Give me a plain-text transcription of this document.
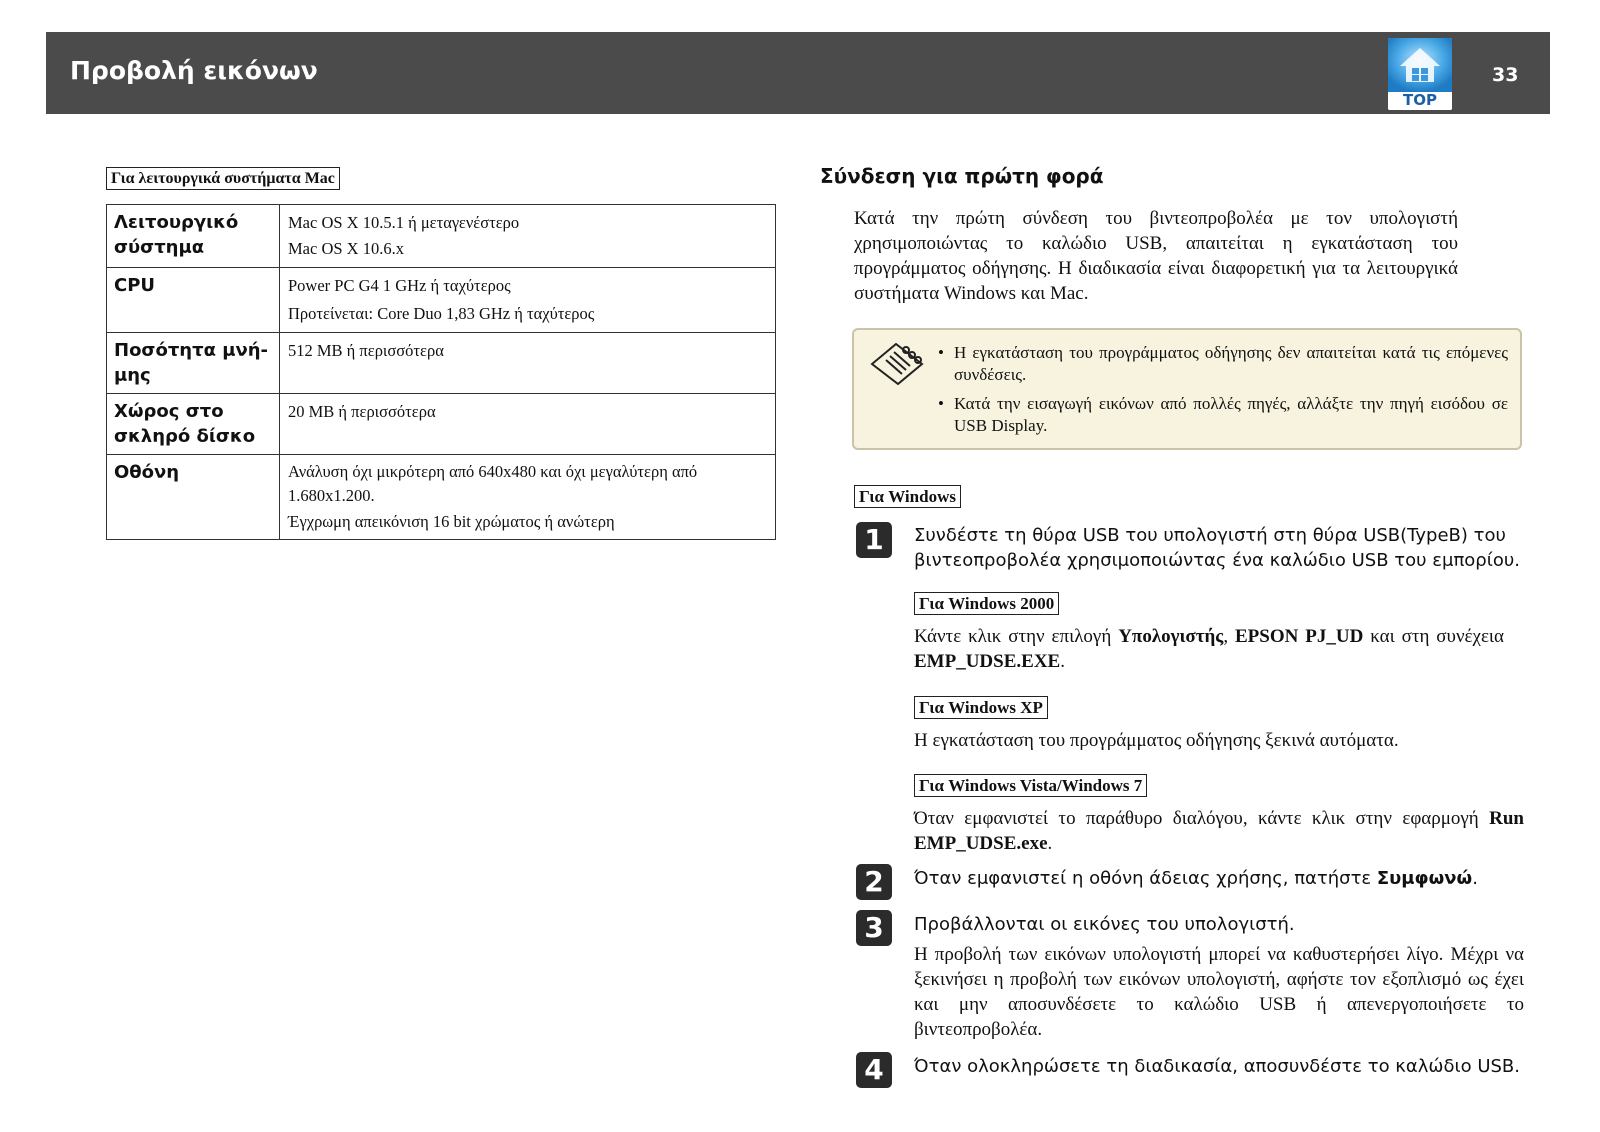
Προβολή εικόνων
TOP
33
Για λειτουργικά συστήματα Mac
Λειτουργικό σύστημα	Mac OS X 10.5.1 ή μεταγενέστερο
Mac OS X 10.6.x

CPU	Power PC G4 1 GHz ή ταχύτερος
Προτείνεται: Core Duo 1,83 GHz ή ταχύτερος

Ποσότητα μνή-μης	512 MB ή περισσότερα

Χώρος στο σκληρό δίσκο	20 MB ή περισσότερα

Οθόνη	Ανάλυση όχι μικρότερη από 640x480 και όχι μεγαλύτερη από 1.680x1.200.
Έγχρωμη απεικόνιση 16 bit χρώματος ή ανώτερη
Σύνδεση για πρώτη φορά
Κατά την πρώτη σύνδεση του βιντεοπροβολέα με τον υπολογιστή χρησιμοποιώντας το καλώδιο USB, απαιτείται η εγκατάσταση του προγράμματος οδήγησης. Η διαδικασία είναι διαφορετική για τα λειτουργικά συστήματα Windows και Mac.
• Η εγκατάσταση του προγράμματος οδήγησης δεν απαιτείται κατά τις επόμενες συνδέσεις.
• Κατά την εισαγωγή εικόνων από πολλές πηγές, αλλάξτε την πηγή εισόδου σε USB Display.
Για Windows
1	Συνδέστε τη θύρα USB του υπολογιστή στη θύρα USB(TypeB) του βιντεοπροβολέα χρησιμοποιώντας ένα καλώδιο USB του εμπορίου.
Για Windows 2000
Κάντε κλικ στην επιλογή Υπολογιστής, EPSON PJ_UD και στη συνέχεια EMP_UDSE.EXE.
Για Windows XP
Η εγκατάσταση του προγράμματος οδήγησης ξεκινά αυτόματα.
Για Windows Vista/Windows 7
Όταν εμφανιστεί το παράθυρο διαλόγου, κάντε κλικ στην εφαρμογή Run EMP_UDSE.exe.
2	Όταν εμφανιστεί η οθόνη άδειας χρήσης, πατήστε Συμφωνώ.
3	Προβάλλονται οι εικόνες του υπολογιστή.
Η προβολή των εικόνων υπολογιστή μπορεί να καθυστερήσει λίγο. Μέχρι να ξεκινήσει η προβολή των εικόνων υπολογιστή, αφήστε τον εξοπλισμό ως έχει και μην αποσυνδέσετε το καλώδιο USB ή απενεργοποιήσετε το βιντεοπροβολέα.
4	Όταν ολοκληρώσετε τη διαδικασία, αποσυνδέστε το καλώδιο USB.
